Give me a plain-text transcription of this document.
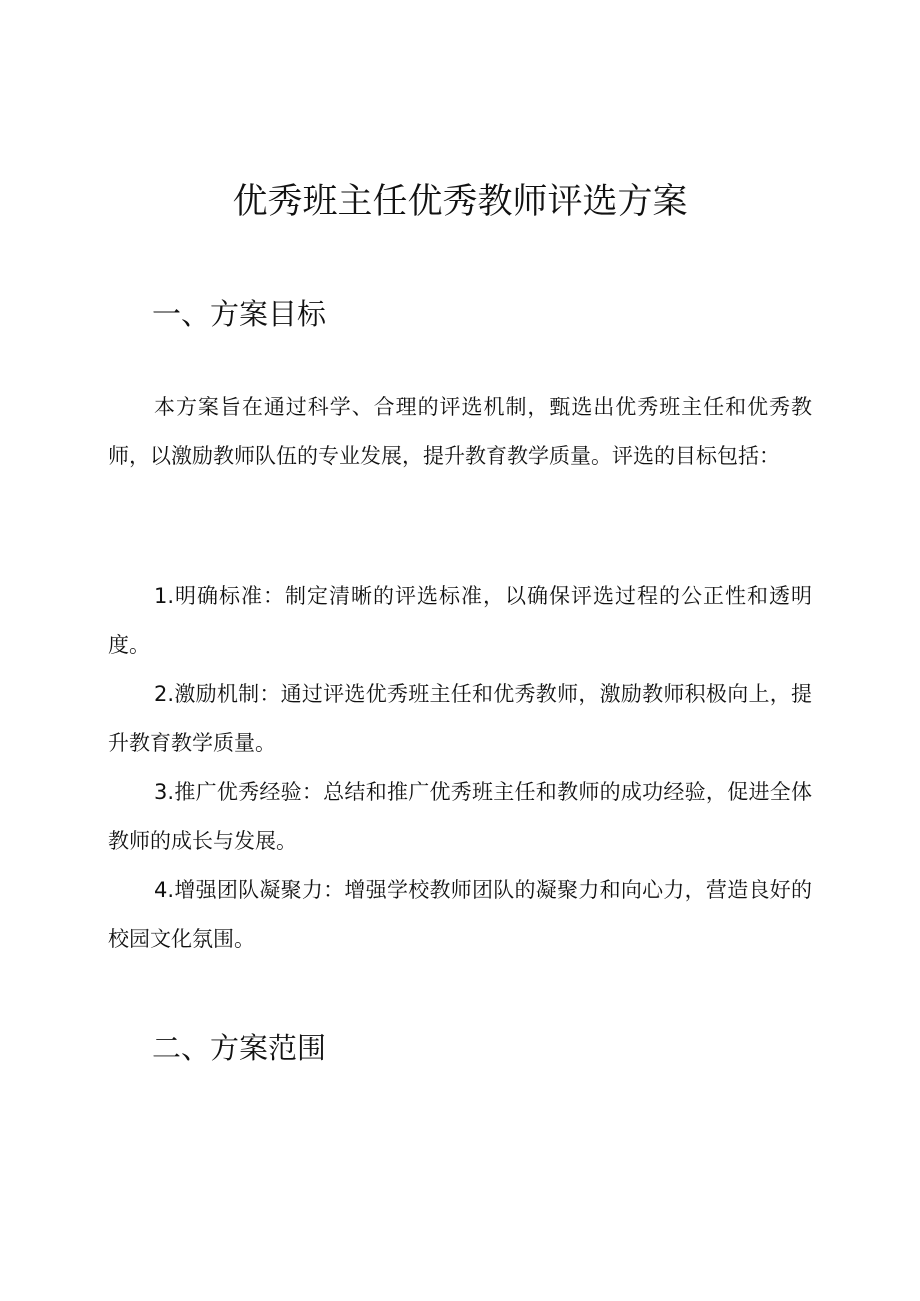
优秀班主任优秀教师评选方案
一、方案目标
本方案旨在通过科学、合理的评选机制，甄选出优秀班主任和优秀教师，以激励教师队伍的专业发展，提升教育教学质量。评选的目标包括：
1.明确标准：制定清晰的评选标准，以确保评选过程的公正性和透明度。
2.激励机制：通过评选优秀班主任和优秀教师，激励教师积极向上，提升教育教学质量。
3.推广优秀经验：总结和推广优秀班主任和教师的成功经验，促进全体教师的成长与发展。
4.增强团队凝聚力：增强学校教师团队的凝聚力和向心力，营造良好的校园文化氛围。
二、方案范围
